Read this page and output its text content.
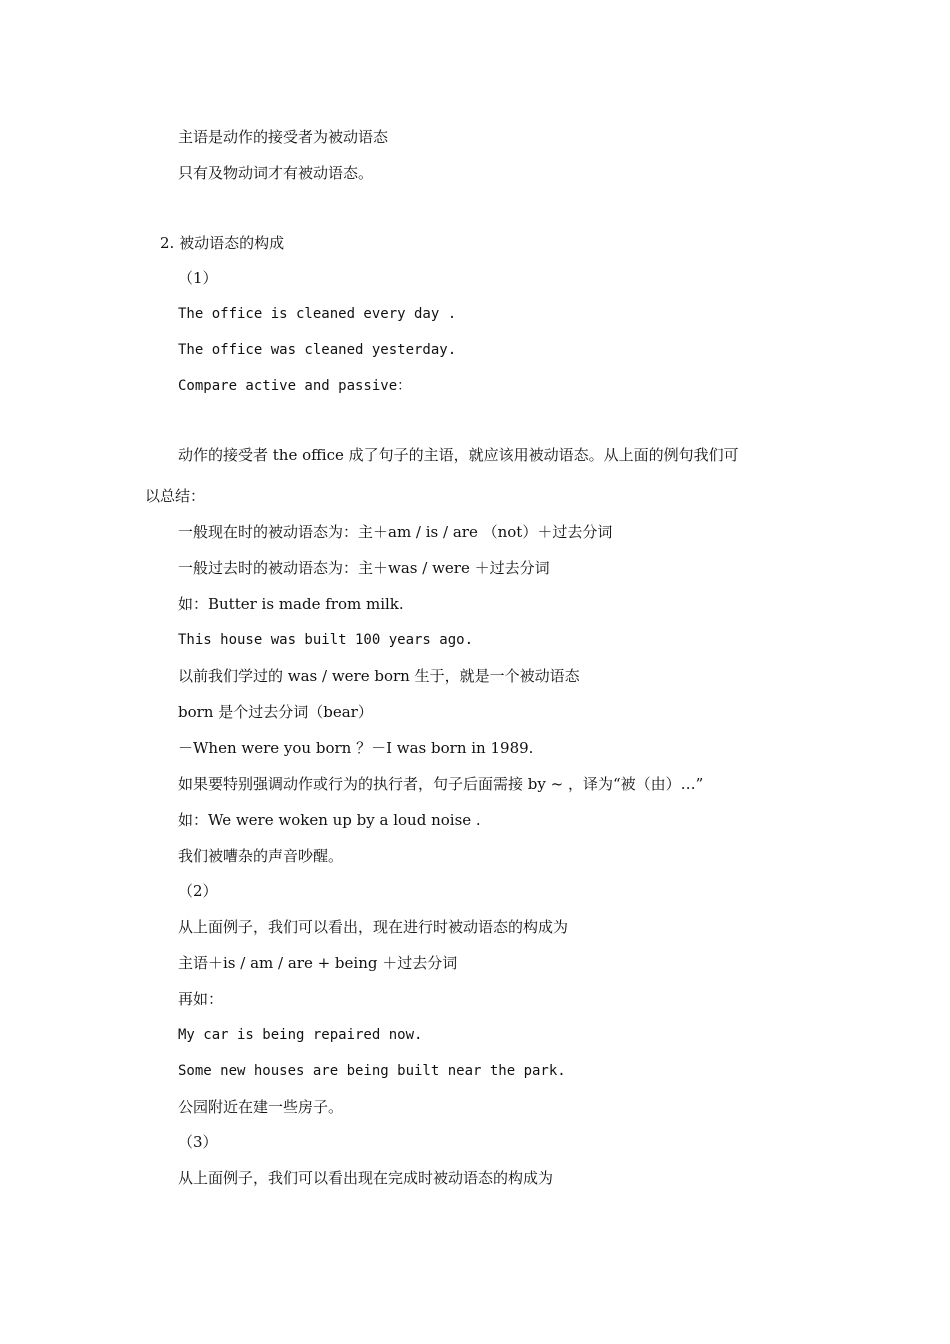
主语是动作的接受者为被动语态
只有及物动词才有被动语态。
2. 被动语态的构成
（1）
The office is cleaned every day .
The office was cleaned yesterday.
Compare active and passive：
动作的接受者 the office 成了句子的主语，就应该用被动语态。从上面的例句我们可
以总结：
一般现在时的被动语态为：主＋am / is / are （not）＋过去分词
一般过去时的被动语态为：主＋was / were ＋过去分词
如：Butter is made from milk.
This house was built 100 years ago.
以前我们学过的 was / were born 生于，就是一个被动语态
born 是个过去分词（bear）
－When were you born ？－I was born in 1989.
如果要特别强调动作或行为的执行者，句子后面需接 by ~ ，译为“被（由）…”
如：We were woken up by a loud noise .
我们被嘈杂的声音吵醒。
（2）
从上面例子，我们可以看出，现在进行时被动语态的构成为
主语＋is / am / are + being ＋过去分词
再如：
My car is being repaired now.
Some new houses are being built near the park.
公园附近在建一些房子。
（3）
从上面例子，我们可以看出现在完成时被动语态的构成为
